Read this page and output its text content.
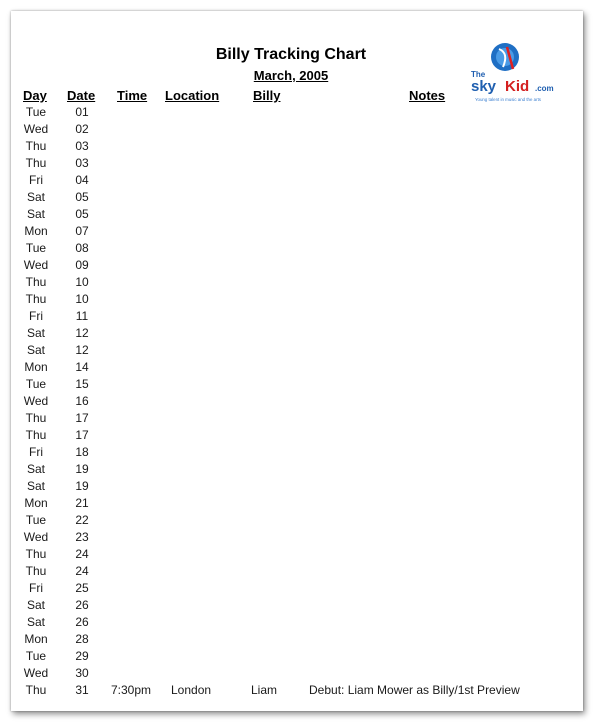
Billy Tracking Chart
March, 2005	The
sky Kid .com
Young talent in music and the arts
Day Date Time Location	Billy	Notes
Tue	01
Wed	02
Thu	03
Thu	03
Fri	04
Sat	05
Sat	05
Mon	07
Tue	08
Wed	09
Thu	10
Thu	10
Fri	11
Sat	12
Sat	12
Mon	14
Tue	15
Wed	16
Thu	17
Thu	17
Fri	18
Sat	19
Sat	19
Mon	21
Tue	22
Wed	23
Thu	24
Thu	24
Fri	25
Sat	26
Sat	26
Mon	28
Tue	29
Wed	30
Thu	31	7:30pm London	Liam	Debut: Liam Mower as Billy/1st Preview
